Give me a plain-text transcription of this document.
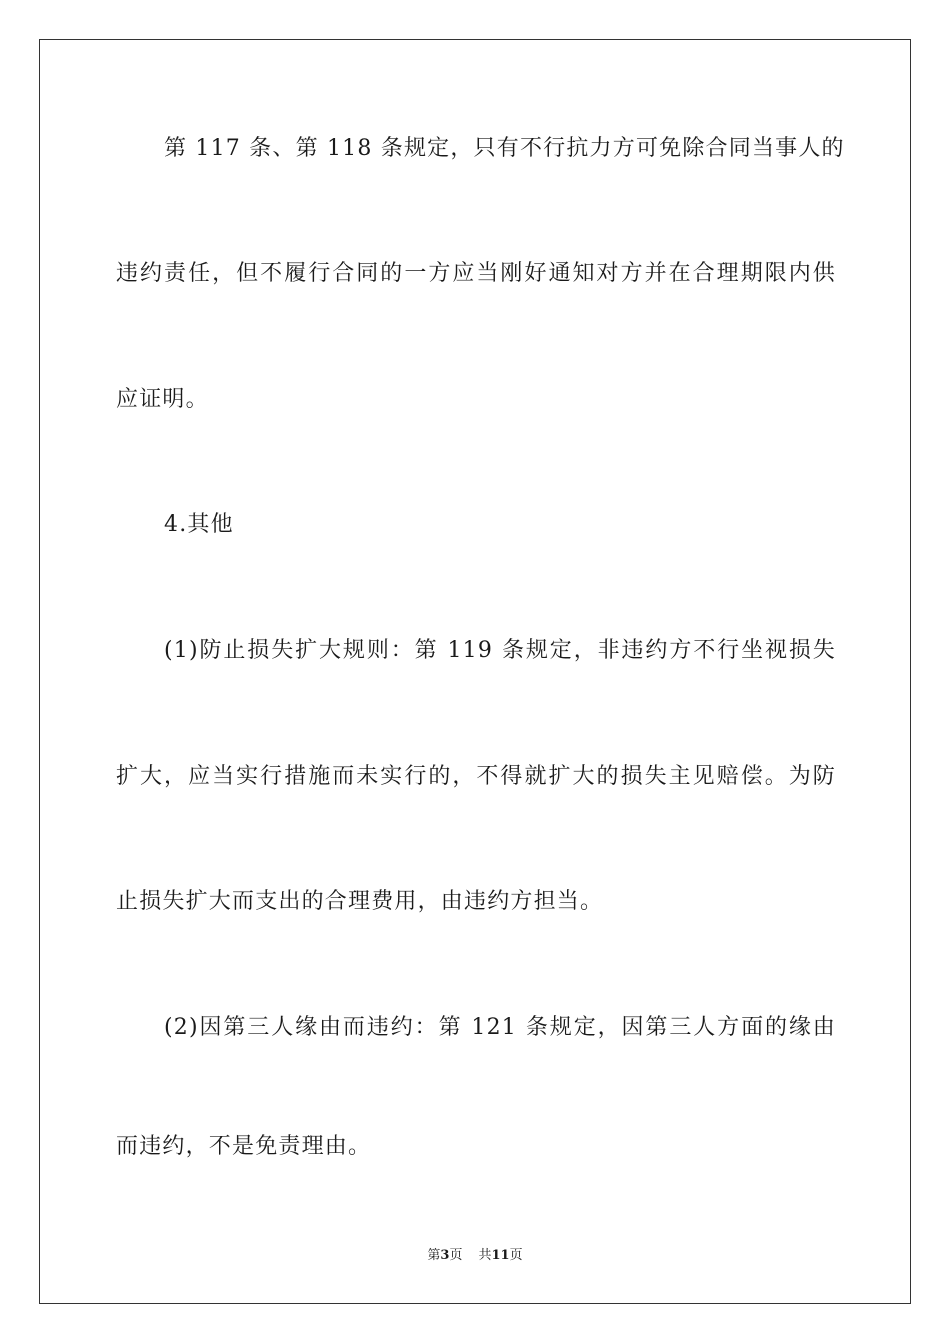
第 117 条、第 118 条规定，只有不行抗力方可免除合同当事人的
违约责任，但不履行合同的一方应当刚好通知对方并在合理期限内供
应证明。
4.其他
(1)防止损失扩大规则：第 119 条规定，非违约方不行坐视损失
扩大，应当实行措施而未实行的，不得就扩大的损失主见赔偿。为防
止损失扩大而支出的合理费用，由违约方担当。
(2)因第三人缘由而违约：第 121 条规定，因第三人方面的缘由
而违约，不是免责理由。
第3页 共11页
